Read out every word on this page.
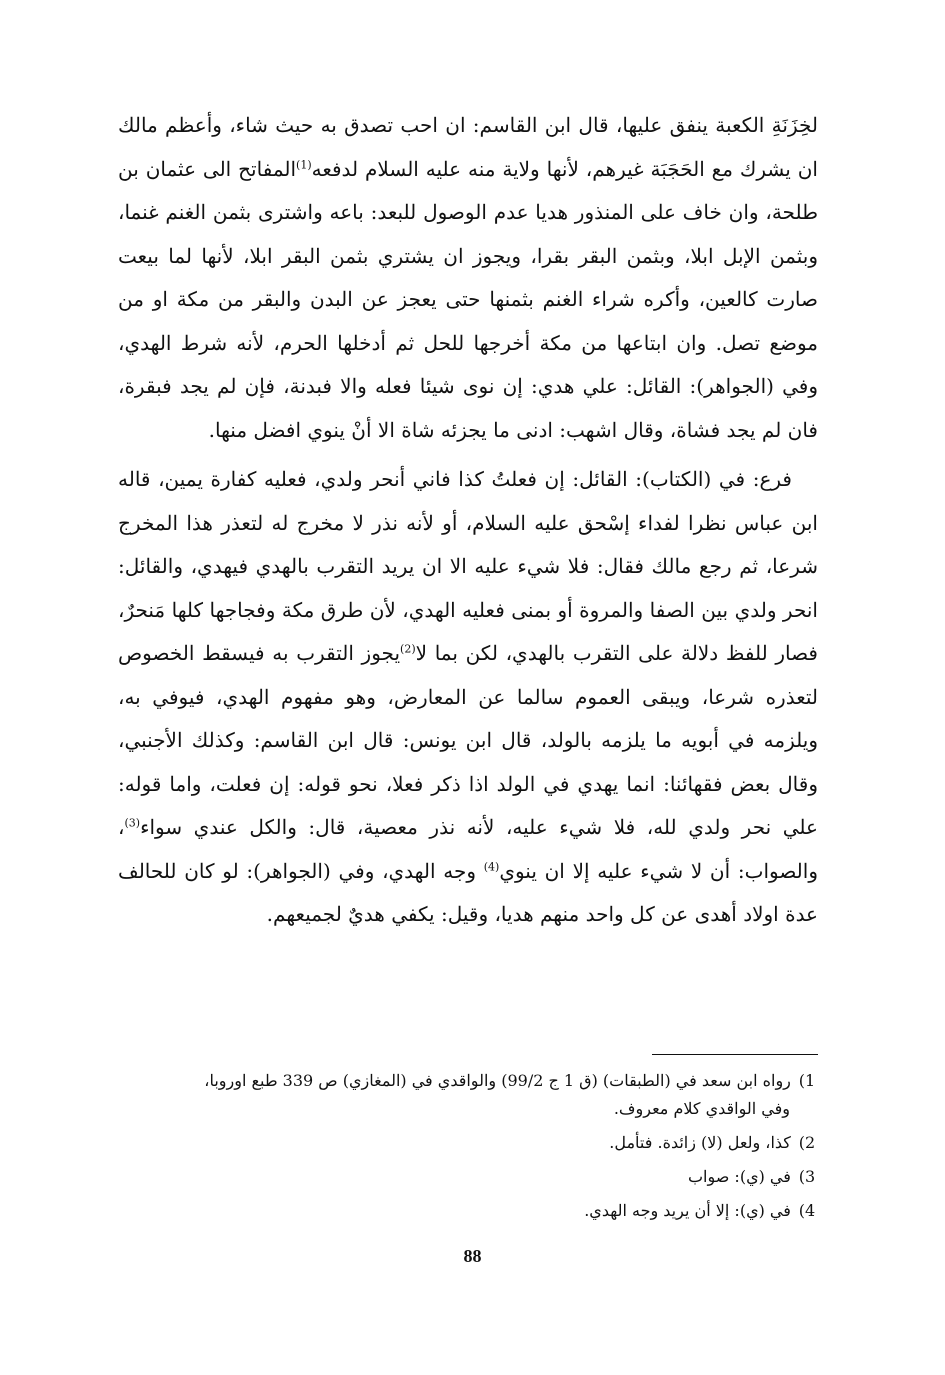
لخِزَنَةِ الكعبة ينفق عليها، قال ابن القاسم: ان احب تصدق به حيث شاء، وأعظم مالك ان يشرك مع الحَجَبَة غيرهم، لأنها ولاية منه عليه السلام لدفعه$^{(1)}$المفاتح الى عثمان بن طلحة، وان خاف على المنذور هديا عدم الوصول للبعد: باعه واشترى بثمن الغنم غنما، وبثمن الإبل ابلا، وبثمن البقر بقرا، ويجوز ان يشتري بثمن البقر ابلا، لأنها لما بيعت صارت كالعين، وأكره شراء الغنم بثمنها حتى يعجز عن البدن والبقر من مكة او من موضع تصل. وان ابتاعها من مكة أخرجها للحل ثم أدخلها الحرم، لأنه شرط الهدي، وفي (الجواهر): القائل: علي هدي: إن نوى شيئا فعله والا فبدنة، فإن لم يجد فبقرة، فان لم يجد فشاة، وقال اشهب: ادنى ما يجزئه شاة الا أنْ ينوي افضل منها.

فرع: في (الكتاب): القائل: إن فعلتُ كذا فاني أنحر ولدي، فعليه كفارة يمين، قاله ابن عباس نظرا لفداء إسْحق عليه السلام، أو لأنه نذر لا مخرج له لتعذر هذا المخرج شرعا، ثم رجع مالك فقال: فلا شيء عليه الا ان يريد التقرب بالهدي فيهدي، والقائل: انحر ولدي بين الصفا والمروة أو بمنى فعليه الهدي، لأن طرق مكة وفجاجها كلها مَنحرٌ، فصار للفظ دلالة على التقرب بالهدي، لكن بما لا$^{(2)}$يجوز التقرب به فيسقط الخصوص لتعذره شرعا، ويبقى العموم سالما عن المعارض، وهو مفهوم الهدي، فيوفي به، ويلزمه في أبويه ما يلزمه بالولد، قال ابن يونس: قال ابن القاسم: وكذلك الأجنبي، وقال بعض فقهائنا: انما يهدي في الولد اذا ذكر فعلا، نحو قوله: إن فعلت، واما قوله: علي نحر ولدي لله، فلا شيء عليه، لأنه نذر معصية، قال: والكل عندي سواء$^{(3)}$، والصواب: أن لا شيء عليه إلا ان ينوي$^{(4)}$ وجه الهدي، وفي (الجواهر): لو كان للحالف عدة اولاد أهدى عن كل واحد منهم هديا، وقيل: يكفي هديٌ لجميعهم.

1) رواه ابن سعد في (الطبقات) (ق 1 ج 99/2) والواقدي في (المغازي) ص 339 طبع اوروبا،

وفي الواقدي كلام معروف.

2) كذا، ولعل (لا) زائدة. فتأمل.

3) في (ي): صواب

4) في (ي): إلا أن يريد وجه الهدي.

88
